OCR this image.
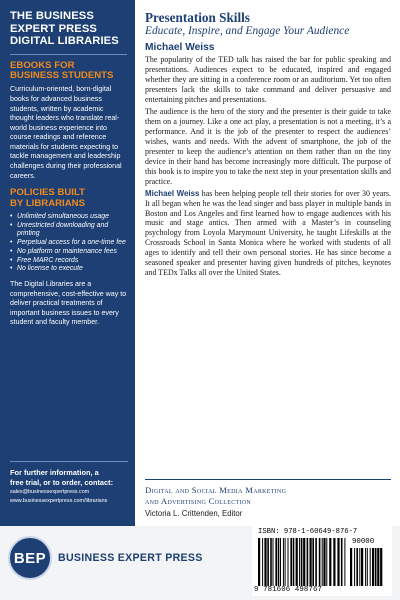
THE BUSINESS
EXPERT PRESS
DIGITAL LIBRARIES
EBOOKS FOR
BUSINESS STUDENTS

Curriculum-oriented, born-digital books for advanced business students, written by academic thought leaders who translate real-world business experience into course readings and reference materials for students expecting to tackle management and leadership challenges during their professional careers.

POLICIES BUILT
BY LIBRARIANS
• Unlimited simultaneous usage
• Unrestricted downloading and printing
• Perpetual access for a one-time fee
• No platform or maintenance fees
• Free MARC records
• No license to execute

The Digital Libraries are a comprehensive, cost-effective way to deliver practical treatments of important business issues to every student and faculty member.

For further information, a
free trial, or to order, contact:
sales@businessexpertpress.com
www.businessexpertpress.com/librarians
Presentation Skills
Educate, Inspire, and Engage Your Audience
Michael Weiss

The popularity of the TED talk has raised the bar for public speaking and presentations. Audiences expect to be educated, inspired and engaged whether they are sitting in a conference room or an auditorium. Yet too often presenters lack the skills to take command and deliver persuasive and entertaining pitches and presentations.

The audience is the hero of the story and the presenter is their guide to take them on a journey. Like a one act play, a presentation is not a meeting, it’s a performance. And it is the job of the presenter to respect the audiences’ wishes, wants and needs. With the advent of smartphone, the job of the presenter to keep the audience’s attention on them rather than on the tiny device in their hand has become increasingly more difficult. The purpose of this book is to inspire you to take the next step in your presentation skills and practice.

Michael Weiss has been helping people tell their stories for over 30 years. It all began when he was the lead singer and bass player in multiple bands in Boston and Los Angeles and first learned how to engage audiences with his music and stage antics. Then armed with a Master’s in counseling psychology from Loyola Marymount University, he taught Lifeskills at the Crossroads School in Santa Monica where he worked with students of all ages to identify and tell their own personal stories. He has since become a seasoned speaker and presenter having given hundreds of pitches, keynotes and TEDx Talks all over the United States.

Digital and Social Media Marketing
and Advertising Collection
Victoria L. Crittenden, Editor
BEP	BUSINESS EXPERT PRESS
ISBN: 978-1-60649-876-7
90000
9 781606 498767
